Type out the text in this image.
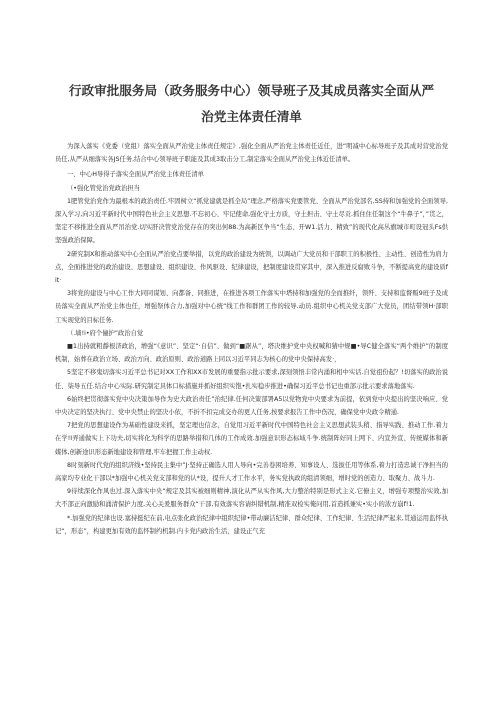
行政审批服务局（政务服务中心）领导班子及其成员落实全面从严
治党主体责任清单

为深入落实《党委（党组）落实全面从严治党主体责任规定》,强化全面从严治党主体责任近任，进“明减中心标导班子及其成对营党治党员任,从严从细落实各JS任务,结合中心领导班子职能及其成3取击分工,制定落实全面从严治党主体近任清单。

一、中心H导得子落实全面从严治党主体责任清单

（•强化管党治党政治担当

1肥管党治党作为最根本的政治责任.牢固树立“抓党建就是抓全局”理念,严格落实党要管党、全面从严治党部名,SS持和加强党的全面领导,深入学习,向习近平新时代中国特色社会主义思想.不忘初心、牢记使命,强化守土方质，守土担击、守土尽贡.抓住住任制这个“牛鼻子”，”贯之，坚定不移推进全面从严吊治党.切实肝决管党治党存在的突出何88.为高新区争当“生态、开W1.活力、精致”的现代化高丛旗城市町设冠头Fs供坚强政治保障。

2研究制X和推动落实中心全面从严治党点要举措，以党的政治建设为统领，以调动广大党员和干部职工的积极性、主动性、创造性为肩力点，全面推进党的政治建设、思想建设、组织建设、作风驱设、纪律建设，把制度建设贯穿其中，深入推进反腐败斗争，不断提高党的建设质fit·

3将党的建设与中心工作大同同谋划、向都备、同推进，在推进各项工作落实中塔持和加强党的全而推纤，领歼、支持和监督贩9班子及成员落实全面从严治党主体也任，增强祭体合力,加强对中心统“线工作和群团工作的较导.动员.组织中心机关党支部广大党员，团结带领H·部职工实现党的目标任务.

（.墙!i•府个僮护”政治自觉

■1出持就粗靜根济政治，增强“《意识”、坚定“·自信”、做到“■踞从”，塔决维护党中央权喊和猜中规■•导C健全落实“两个维护”的制度机制，始葬在政治立场、政治方向、政治原则、政治道路上同以习近平同志为核心的党中央保持高发·，

5坚定不移鬼切落实习近平总书记对XX工作和XX市发展的重要指示批示要求,深刻领悟丰常内涌和相中实话.自觉祖份起？!切落实的政治说任、柒导五任.结合中心实际.研究制定具体口标措施并抓好组织实饱•扎实稳步推进•确保习近平总书记也重部示批示要求落地落实.

6始终把贯彻落实党中央决策加导作为史大政治责任”治纪律.任何决策部署A5以党物党中央要求为前提，依到党中央提出的坚决响应、党中央决定的坚决执行、党中央禁止的坚决小依，不折不扣完成交办的更人任务,按要求报告工作中伤况，确保党中央政令精通.

7把党的思想建设作为基础性建设来抓，坚定理也信念，自觉用习近平新时代中国特色社会主义思想武装头稍、指导实践、推动工作.着力在学!I弄通做实上下功夫,切实将化为科学的思路举措和几体的工作成效.加强意识形态标域斗争.统制阵好同上网下、内宣外宣、传统媒体和新媒体,创新途识形态新地建设和管理,牢车把握工作主动权.

8时刻新时代党的组织济线•坚持民主集中”J·坚持正确选人用人导向•完善卷困培养、知事设人、选拔任用等体系,着力打造忠诚干净担当的高家均专业化干部以*加强中心机关党支部和党的认*设，提升人才工作水平，务实党执政的组清领细，增时党的创造力、取聚力、战斗力.

9待续深化作风也过.深入落实中央“规定及其实被细则精神,演化从严从实作风,大力整治特别是形式主义.它僚主义，增强专项整治实效,加大不部正向激励和涌清保护力度,关心关爰服务群众“干部,有效落实容请纠错机制,精准双检实俺问用,首造抓兼实•实小的浓方崩f!1.

*.加强党的纪律也设.塞持挺纪在前,电点张化政治纪律中组织纪律•带动廉洁纪律、群众纪律、工作纪律、生活纪律严起来,贯通运用监怀执记“，形态”，构建更加有效的监怀制约机制.内卡党内政治生活，建设正气充
